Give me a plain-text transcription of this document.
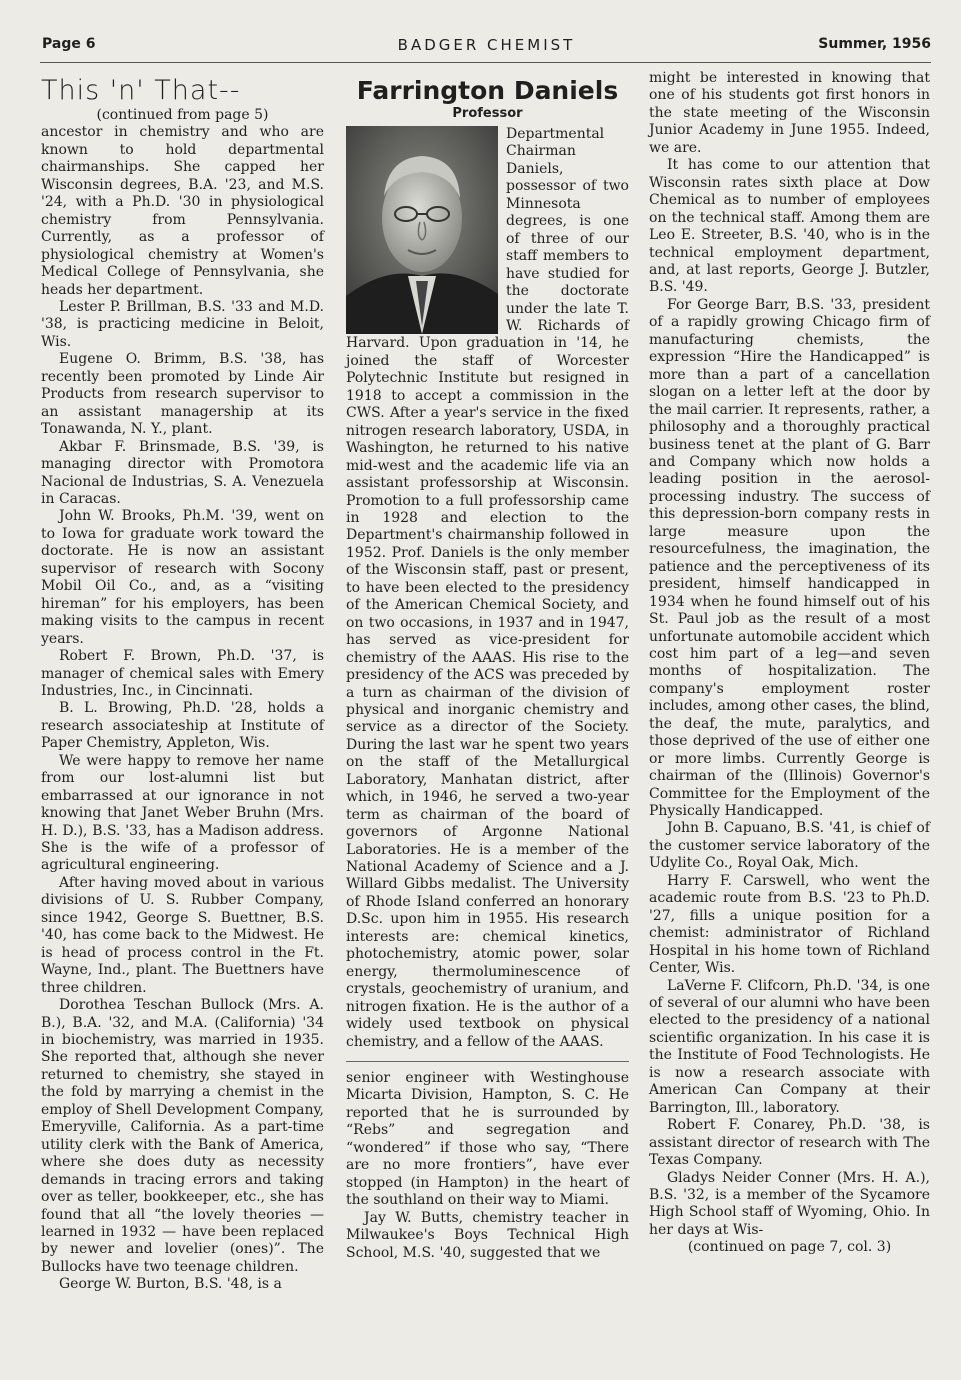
Page 6	BADGER CHEMIST	Summer, 1956
This 'n' That--

(continued from page 5)

ancestor in chemistry and who are known to hold departmental chairmanships. She capped her Wisconsin degrees, B.A. '23, and M.S. '24, with a Ph.D. '30 in physiological chemistry from Pennsylvania. Currently, as a professor of physiological chemistry at Women's Medical College of Pennsylvania, she heads her department.

Lester P. Brillman, B.S. '33 and M.D. '38, is practicing medicine in Beloit, Wis.

Eugene O. Brimm, B.S. '38, has recently been promoted by Linde Air Products from research supervisor to an assistant managership at its Tonawanda, N. Y., plant.

Akbar F. Brinsmade, B.S. '39, is managing director with Promotora Nacional de Industrias, S. A. Venezuela in Caracas.

John W. Brooks, Ph.M. '39, went on to Iowa for graduate work toward the doctorate. He is now an assistant supervisor of research with Socony Mobil Oil Co., and, as a “visiting hireman” for his employers, has been making visits to the campus in recent years.

Robert F. Brown, Ph.D. '37, is manager of chemical sales with Emery Industries, Inc., in Cincinnati.

B. L. Browing, Ph.D. '28, holds a research associateship at Institute of Paper Chemistry, Appleton, Wis.

We were happy to remove her name from our lost-alumni list but embarrassed at our ignorance in not knowing that Janet Weber Bruhn (Mrs. H. D.), B.S. '33, has a Madison address. She is the wife of a professor of agricultural engineering.

After having moved about in various divisions of U. S. Rubber Company, since 1942, George S. Buettner, B.S. '40, has come back to the Midwest. He is head of process control in the Ft. Wayne, Ind., plant. The Buettners have three children.

Dorothea Teschan Bullock (Mrs. A. B.), B.A. '32, and M.A. (California) '34 in biochemistry, was married in 1935. She reported that, although she never returned to chemistry, she stayed in the fold by marrying a chemist in the employ of Shell Development Company, Emeryville, California. As a part-time utility clerk with the Bank of America, where she does duty as necessity demands in tracing errors and taking over as teller, bookkeeper, etc., she has found that all “the lovely theories — learned in 1932 — have been replaced by newer and lovelier (ones)”. The Bullocks have two teenage children.

George W. Burton, B.S. '48, is a

Farrington Daniels
Professor

Departmental Chairman Daniels, possessor of two Minnesota degrees, is one of three of our staff members to have studied for the doctorate under the late T. W. Richards of Harvard. Upon graduation in '14, he joined the staff of Worcester Polytechnic Institute but resigned in 1918 to accept a commission in the CWS. After a year's service in the fixed nitrogen research laboratory, USDA, in Washington, he returned to his native mid-west and the academic life via an assistant professorship at Wisconsin. Promotion to a full professorship came in 1928 and election to the Department's chairmanship followed in 1952. Prof. Daniels is the only member of the Wisconsin staff, past or present, to have been elected to the presidency of the American Chemical Society, and on two occasions, in 1937 and in 1947, has served as vice-president for chemistry of the AAAS. His rise to the presidency of the ACS was preceded by a turn as chairman of the division of physical and inorganic chemistry and service as a director of the Society. During the last war he spent two years on the staff of the Metallurgical Laboratory, Manhatan district, after which, in 1946, he served a two-year term as chairman of the board of governors of Argonne National Laboratories. He is a member of the National Academy of Science and a J. Willard Gibbs medalist. The University of Rhode Island conferred an honorary D.Sc. upon him in 1955. His research interests are: chemical kinetics, photochemistry, atomic power, solar energy, thermoluminescence of crystals, geochemistry of uranium, and nitrogen fixation. He is the author of a widely used textbook on physical chemistry, and a fellow of the AAAS.

senior engineer with Westinghouse Micarta Division, Hampton, S. C. He reported that he is surrounded by “Rebs” and segregation and “wondered” if those who say, “There are no more frontiers”, have ever stopped (in Hampton) in the heart of the southland on their way to Miami.

Jay W. Butts, chemistry teacher in Milwaukee's Boys Technical High School, M.S. '40, suggested that we

might be interested in knowing that one of his students got first honors in the state meeting of the Wisconsin Junior Academy in June 1955. Indeed, we are.

It has come to our attention that Wisconsin rates sixth place at Dow Chemical as to number of employees on the technical staff. Among them are Leo E. Streeter, B.S. '40, who is in the technical employment department, and, at last reports, George J. Butzler, B.S. '49.

For George Barr, B.S. '33, president of a rapidly growing Chicago firm of manufacturing chemists, the expression “Hire the Handicapped” is more than a part of a cancellation slogan on a letter left at the door by the mail carrier. It represents, rather, a philosophy and a thoroughly practical business tenet at the plant of G. Barr and Company which now holds a leading position in the aerosol-processing industry. The success of this depression-born company rests in large measure upon the resourcefulness, the imagination, the patience and the perceptiveness of its president, himself handicapped in 1934 when he found himself out of his St. Paul job as the result of a most unfortunate automobile accident which cost him part of a leg—and seven months of hospitalization. The company's employment roster includes, among other cases, the blind, the deaf, the mute, paralytics, and those deprived of the use of either one or more limbs. Currently George is chairman of the (Illinois) Governor's Committee for the Employment of the Physically Handicapped.

John B. Capuano, B.S. '41, is chief of the customer service laboratory of the Udylite Co., Royal Oak, Mich.

Harry F. Carswell, who went the academic route from B.S. '23 to Ph.D. '27, fills a unique position for a chemist: administrator of Richland Hospital in his home town of Richland Center, Wis.

LaVerne F. Clifcorn, Ph.D. '34, is one of several of our alumni who have been elected to the presidency of a national scientific organization. In his case it is the Institute of Food Technologists. He is now a research associate with American Can Company at their Barrington, Ill., laboratory.

Robert F. Conarey, Ph.D. '38, is assistant director of research with The Texas Company.

Gladys Neider Conner (Mrs. H. A.), B.S. '32, is a member of the Sycamore High School staff of Wyoming, Ohio. In her days at Wis-

(continued on page 7, col. 3)
